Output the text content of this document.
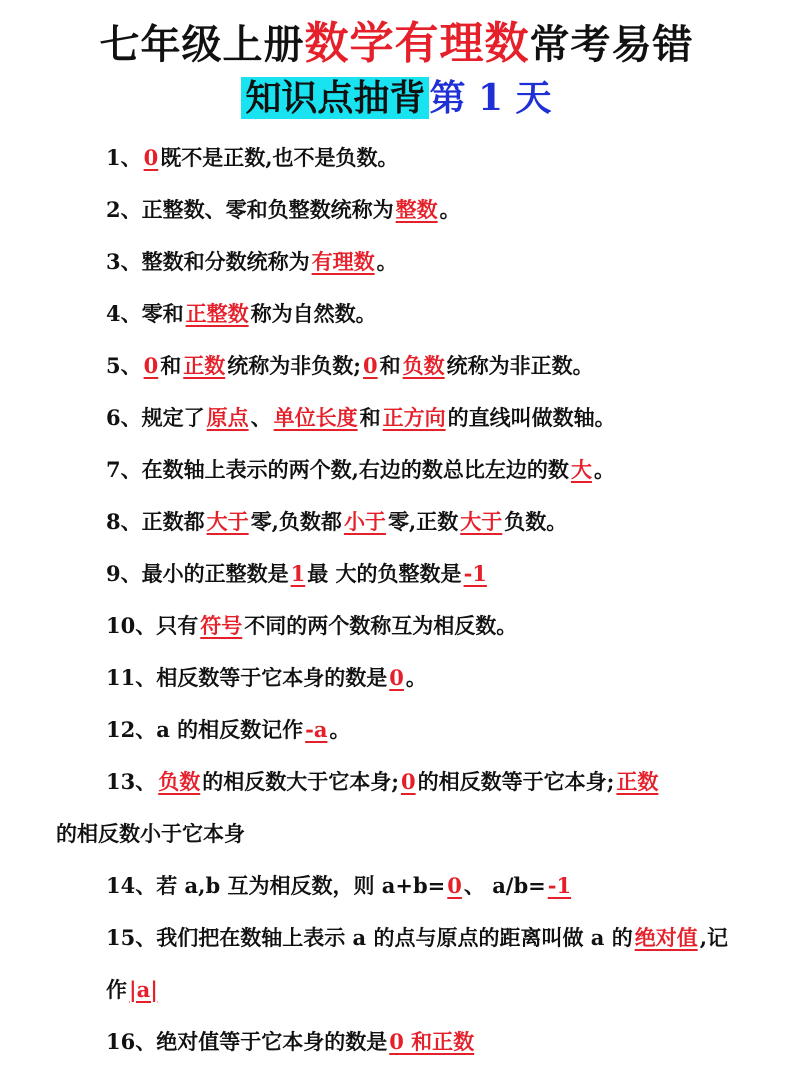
七年级上册数学有理数常考易错
知识点抽背 第 1 天
1、0既不是正数,也不是负数。
2、正整数、零和负整数统称为整数。
3、整数和分数统称为有理数。
4、零和正整数称为自然数。
5、0和正数统称为非负数;0和负数统称为非正数。
6、规定了原点、单位长度和正方向的直线叫做数轴。
7、在数轴上表示的两个数,右边的数总比左边的数大。
8、正数都大于零,负数都小于零,正数大于负数。
9、最小的正整数是1最 大的负整数是-1
10、只有符号不同的两个数称互为相反数。
11、相反数等于它本身的数是0。
12、a 的相反数记作-a。
13、负数的相反数大于它本身;0的相反数等于它本身;正数
的相反数小于它本身
14、若 a,b 互为相反数，则 a+b=0、 a/b=-1
15、我们把在数轴上表示 a 的点与原点的距离叫做 a 的绝对值,记作|a|
16、绝对值等于它本身的数是0 和正数
